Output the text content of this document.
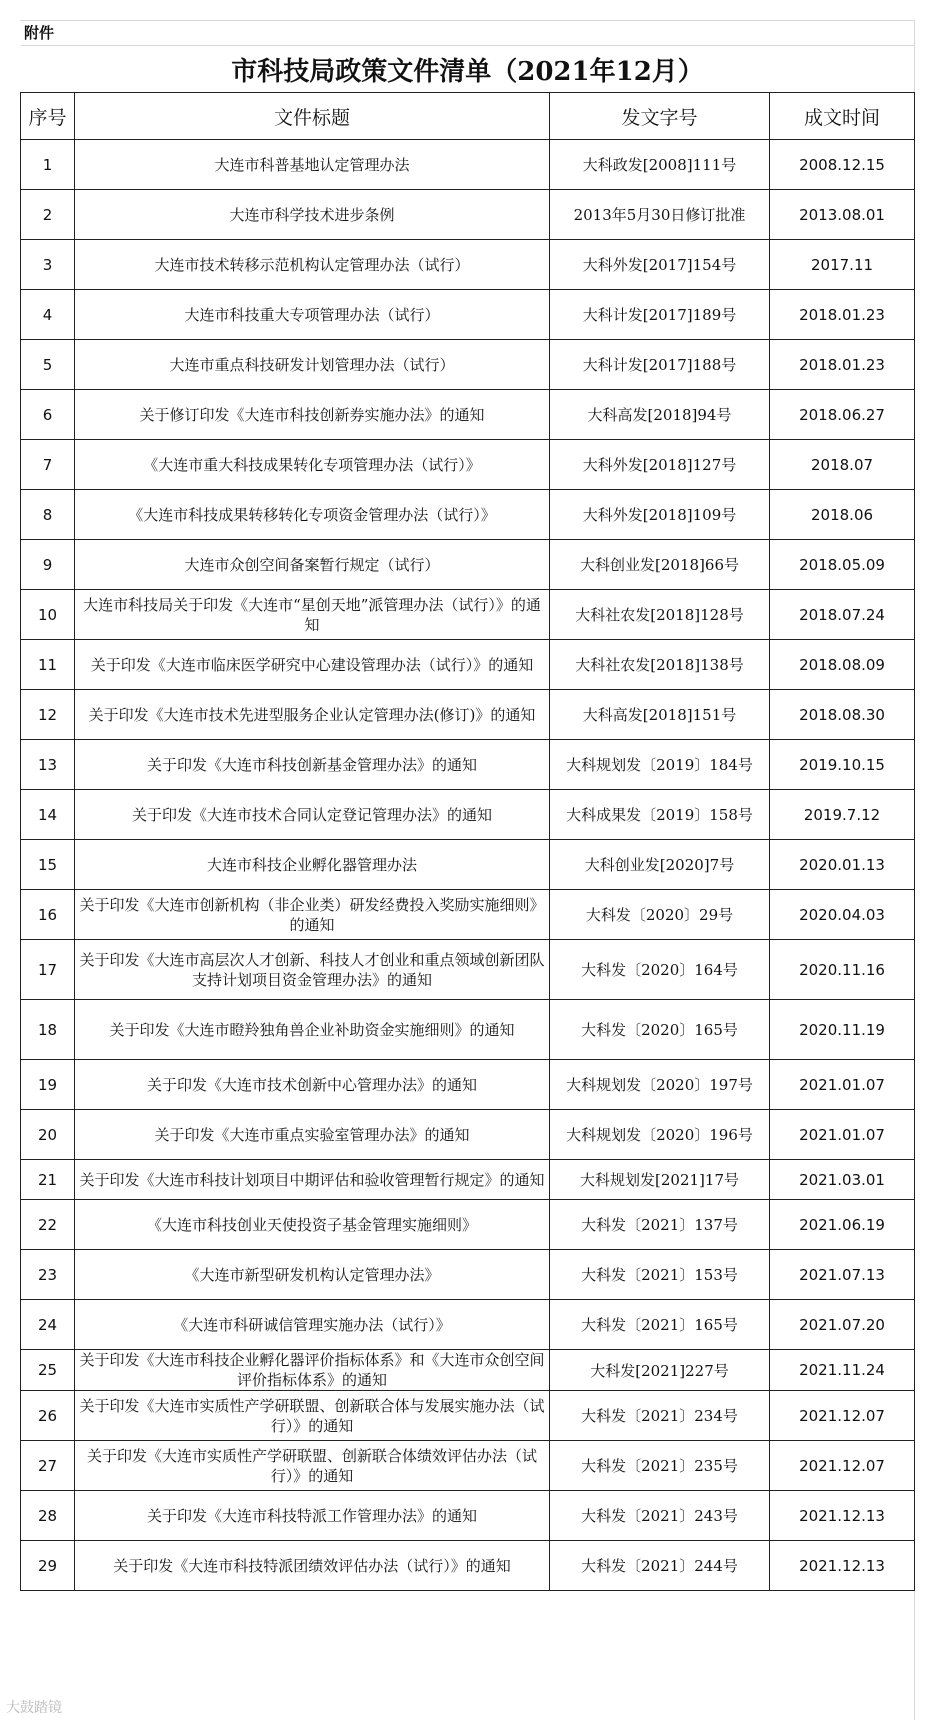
附件
市科技局政策文件清单（2021年12月）			
序号	文件标题	发文字号	成文时间
1	大连市科普基地认定管理办法	大科政发[2008]111号	2008.12.15
2	大连市科学技术进步条例	2013年5月30日修订批准	2013.08.01
3	大连市技术转移示范机构认定管理办法（试行）	大科外发[2017]154号	2017.11
4	大连市科技重大专项管理办法（试行）	大科计发[2017]189号	2018.01.23
5	大连市重点科技研发计划管理办法（试行）	大科计发[2017]188号	2018.01.23
6	关于修订印发《大连市科技创新券实施办法》的通知	大科高发[2018]94号	2018.06.27
7	《大连市重大科技成果转化专项管理办法（试行）》	大科外发[2018]127号	2018.07
8	《大连市科技成果转移转化专项资金管理办法（试行）》	大科外发[2018]109号	2018.06
9	大连市众创空间备案暂行规定（试行）	大科创业发[2018]66号	2018.05.09
10	大连市科技局关于印发《大连市“星创天地”派管理办法（试行）》的通知	大科社农发[2018]128号	2018.07.24
11	关于印发《大连市临床医学研究中心建设管理办法（试行）》的通知	大科社农发[2018]138号	2018.08.09
12	关于印发《大连市技术先进型服务企业认定管理办法(修订)》的通知	大科高发[2018]151号	2018.08.30
13	关于印发《大连市科技创新基金管理办法》的通知	大科规划发〔2019〕184号	2019.10.15
14	关于印发《大连市技术合同认定登记管理办法》的通知	大科成果发〔2019〕158号	2019.7.12
15	大连市科技企业孵化器管理办法	大科创业发[2020]7号	2020.01.13
16	关于印发《大连市创新机构（非企业类）研发经费投入奖励实施细则》的通知	大科发〔2020〕29号	2020.04.03
17	关于印发《大连市高层次人才创新、科技人才创业和重点领域创新团队支持计划项目资金管理办法》的通知	大科发〔2020〕164号	2020.11.16
18	关于印发《大连市瞪羚独角兽企业补助资金实施细则》的通知	大科发〔2020〕165号	2020.11.19
19	关于印发《大连市技术创新中心管理办法》的通知	大科规划发〔2020〕197号	2021.01.07
20	关于印发《大连市重点实验室管理办法》的通知	大科规划发〔2020〕196号	2021.01.07
21	关于印发《大连市科技计划项目中期评估和验收管理暂行规定》的通知	大科规划发[2021]17号	2021.03.01
22	《大连市科技创业天使投资子基金管理实施细则》	大科发〔2021〕137号	2021.06.19
23	《大连市新型研发机构认定管理办法》	大科发〔2021〕153号	2021.07.13
24	《大连市科研诚信管理实施办法（试行）》	大科发〔2021〕165号	2021.07.20
25	关于印发《大连市科技企业孵化器评价指标体系》和《大连市众创空间评价指标体系》的通知	大科发[2021]227号	2021.11.24
26	关于印发《大连市实质性产学研联盟、创新联合体与发展实施办法（试行）》的通知	大科发〔2021〕234号	2021.12.07
27	关于印发《大连市实质性产学研联盟、创新联合体绩效评估办法（试行）》的通知	大科发〔2021〕235号	2021.12.07
28	关于印发《大连市科技特派工作管理办法》的通知	大科发〔2021〕243号	2021.12.13
29	关于印发《大连市科技特派团绩效评估办法（试行）》的通知	大科发〔2021〕244号	2021.12.13
大鼓踏镜
